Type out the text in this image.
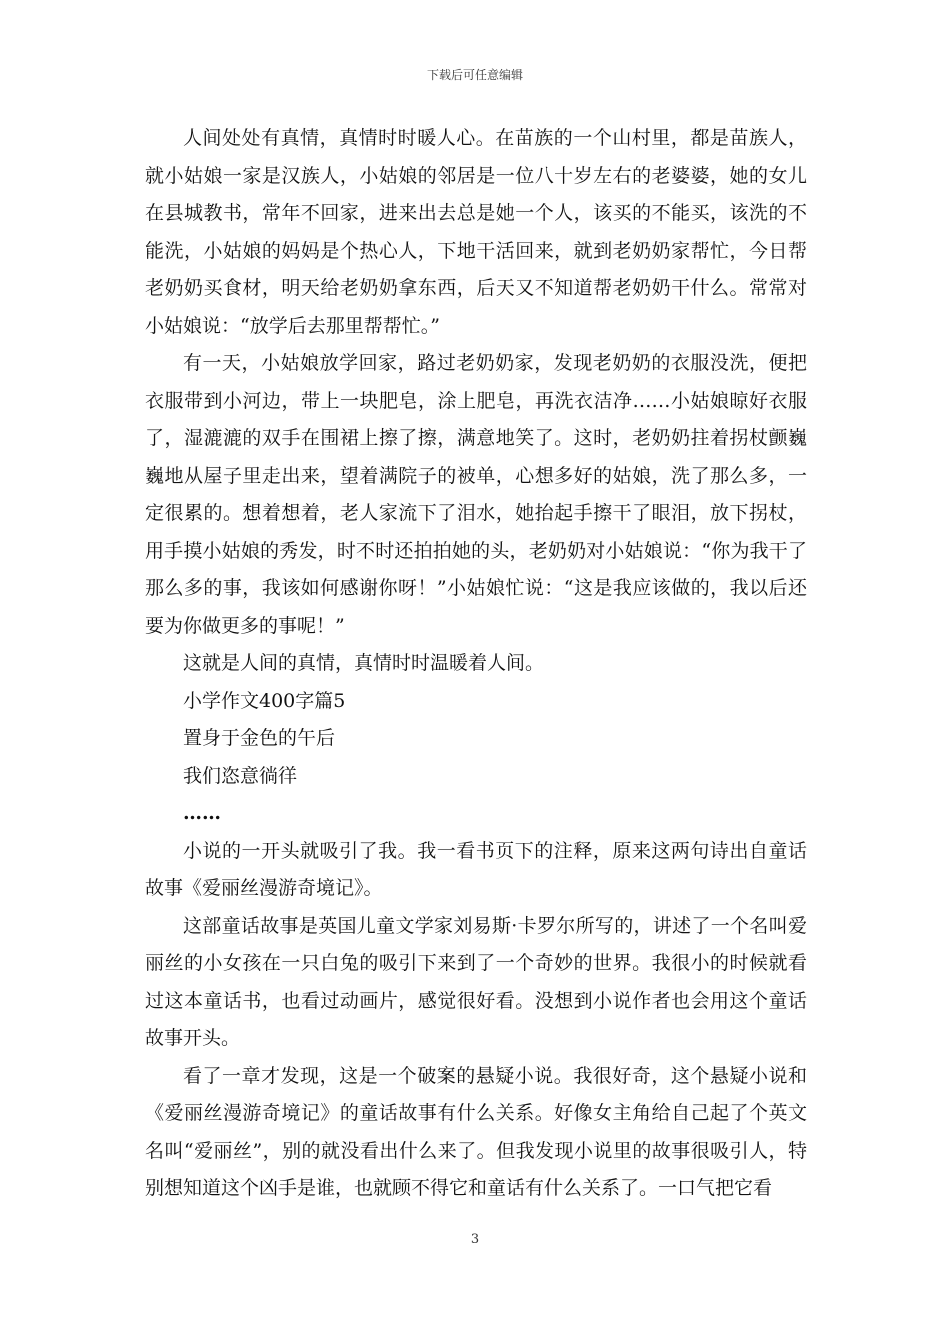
下载后可任意编辑

人间处处有真情，真情时时暖人心。在苗族的一个山村里，都是苗族人，就小姑娘一家是汉族人，小姑娘的邻居是一位八十岁左右的老婆婆，她的女儿在县城教书，常年不回家，进来出去总是她一个人，该买的不能买，该洗的不能洗，小姑娘的妈妈是个热心人，下地干活回来，就到老奶奶家帮忙，今日帮老奶奶买食材，明天给老奶奶拿东西，后天又不知道帮老奶奶干什么。常常对小姑娘说：“放学后去那里帮帮忙。”

有一天，小姑娘放学回家，路过老奶奶家，发现老奶奶的衣服没洗，便把衣服带到小河边，带上一块肥皂，涂上肥皂，再洗衣洁净……小姑娘晾好衣服了，湿漉漉的双手在围裙上擦了擦，满意地笑了。这时，老奶奶拄着拐杖颤巍巍地从屋子里走出来，望着满院子的被单，心想多好的姑娘，洗了那么多，一定很累的。想着想着，老人家流下了泪水，她抬起手擦干了眼泪，放下拐杖，用手摸小姑娘的秀发，时不时还拍拍她的头，老奶奶对小姑娘说：“你为我干了那么多的事，我该如何感谢你呀！”小姑娘忙说：“这是我应该做的，我以后还要为你做更多的事呢！”

这就是人间的真情，真情时时温暖着人间。

小学作文400字篇5

置身于金色的午后

我们恣意徜徉

……

小说的一开头就吸引了我。我一看书页下的注释，原来这两句诗出自童话故事《爱丽丝漫游奇境记》。

这部童话故事是英国儿童文学家刘易斯·卡罗尔所写的，讲述了一个名叫爱丽丝的小女孩在一只白兔的吸引下来到了一个奇妙的世界。我很小的时候就看过这本童话书，也看过动画片，感觉很好看。没想到小说作者也会用这个童话故事开头。

看了一章才发现，这是一个破案的悬疑小说。我很好奇，这个悬疑小说和《爱丽丝漫游奇境记》的童话故事有什么关系。好像女主角给自己起了个英文名叫“爱丽丝”，别的就没看出什么来了。但我发现小说里的故事很吸引人，特别想知道这个凶手是谁，也就顾不得它和童话有什么关系了。一口气把它看

3
